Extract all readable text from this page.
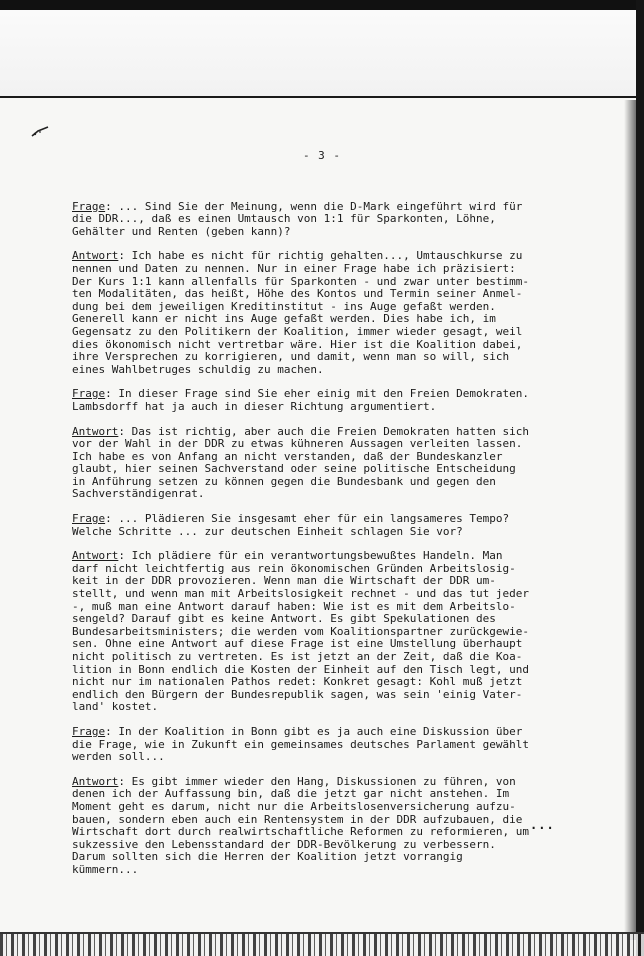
- 3 -
Frage: ... Sind Sie der Meinung, wenn die D-Mark eingeführt wird für
die DDR..., daß es einen Umtausch von 1:1 für Sparkonten, Löhne,
Gehälter und Renten (geben kann)?
Antwort: Ich habe es nicht für richtig gehalten..., Umtauschkurse zu
nennen und Daten zu nennen. Nur in einer Frage habe ich präzisiert:
Der Kurs 1:1 kann allenfalls für Sparkonten - und zwar unter bestimm-
ten Modalitäten, das heißt, Höhe des Kontos und Termin seiner Anmel-
dung bei dem jeweiligen Kreditinstitut - ins Auge gefaßt werden.
Generell kann er nicht ins Auge gefaßt werden. Dies habe ich, im
Gegensatz zu den Politikern der Koalition, immer wieder gesagt, weil
dies ökonomisch nicht vertretbar wäre. Hier ist die Koalition dabei,
ihre Versprechen zu korrigieren, und damit, wenn man so will, sich
eines Wahlbetruges schuldig zu machen.
Frage: In dieser Frage sind Sie eher einig mit den Freien Demokraten.
Lambsdorff hat ja auch in dieser Richtung argumentiert.
Antwort: Das ist richtig, aber auch die Freien Demokraten hatten sich
vor der Wahl in der DDR zu etwas kühneren Aussagen verleiten lassen.
Ich habe es von Anfang an nicht verstanden, daß der Bundeskanzler
glaubt, hier seinen Sachverstand oder seine politische Entscheidung
in Anführung setzen zu können gegen die Bundesbank und gegen den
Sachverständigenrat.
Frage: ... Plädieren Sie insgesamt eher für ein langsameres Tempo?
Welche Schritte ... zur deutschen Einheit schlagen Sie vor?
Antwort: Ich plädiere für ein verantwortungsbewußtes Handeln. Man
darf nicht leichtfertig aus rein ökonomischen Gründen Arbeitslosig-
keit in der DDR provozieren. Wenn man die Wirtschaft der DDR um-
stellt, und wenn man mit Arbeitslosigkeit rechnet - und das tut jeder
-, muß man eine Antwort darauf haben: Wie ist es mit dem Arbeitslo-
sengeld? Darauf gibt es keine Antwort. Es gibt Spekulationen des
Bundesarbeitsministers; die werden vom Koalitionspartner zurückgewie-
sen. Ohne eine Antwort auf diese Frage ist eine Umstellung überhaupt
nicht politisch zu vertreten. Es ist jetzt an der Zeit, daß die Koa-
lition in Bonn endlich die Kosten der Einheit auf den Tisch legt, und
nicht nur im nationalen Pathos redet: Konkret gesagt: Kohl muß jetzt
endlich den Bürgern der Bundesrepublik sagen, was sein 'einig Vater-
land' kostet.
Frage: In der Koalition in Bonn gibt es ja auch eine Diskussion über
die Frage, wie in Zukunft ein gemeinsames deutsches Parlament gewählt
werden soll...
Antwort: Es gibt immer wieder den Hang, Diskussionen zu führen, von
denen ich der Auffassung bin, daß die jetzt gar nicht anstehen. Im
Moment geht es darum, nicht nur die Arbeitslosenversicherung aufzu-
bauen, sondern eben auch ein Rentensystem in der DDR aufzubauen, die
Wirtschaft dort durch realwirtschaftliche Reformen zu reformieren, um
sukzessive den Lebensstandard der DDR-Bevölkerung zu verbessern.
Darum sollten sich die Herren der Koalition jetzt vorrangig
kümmern...
...
